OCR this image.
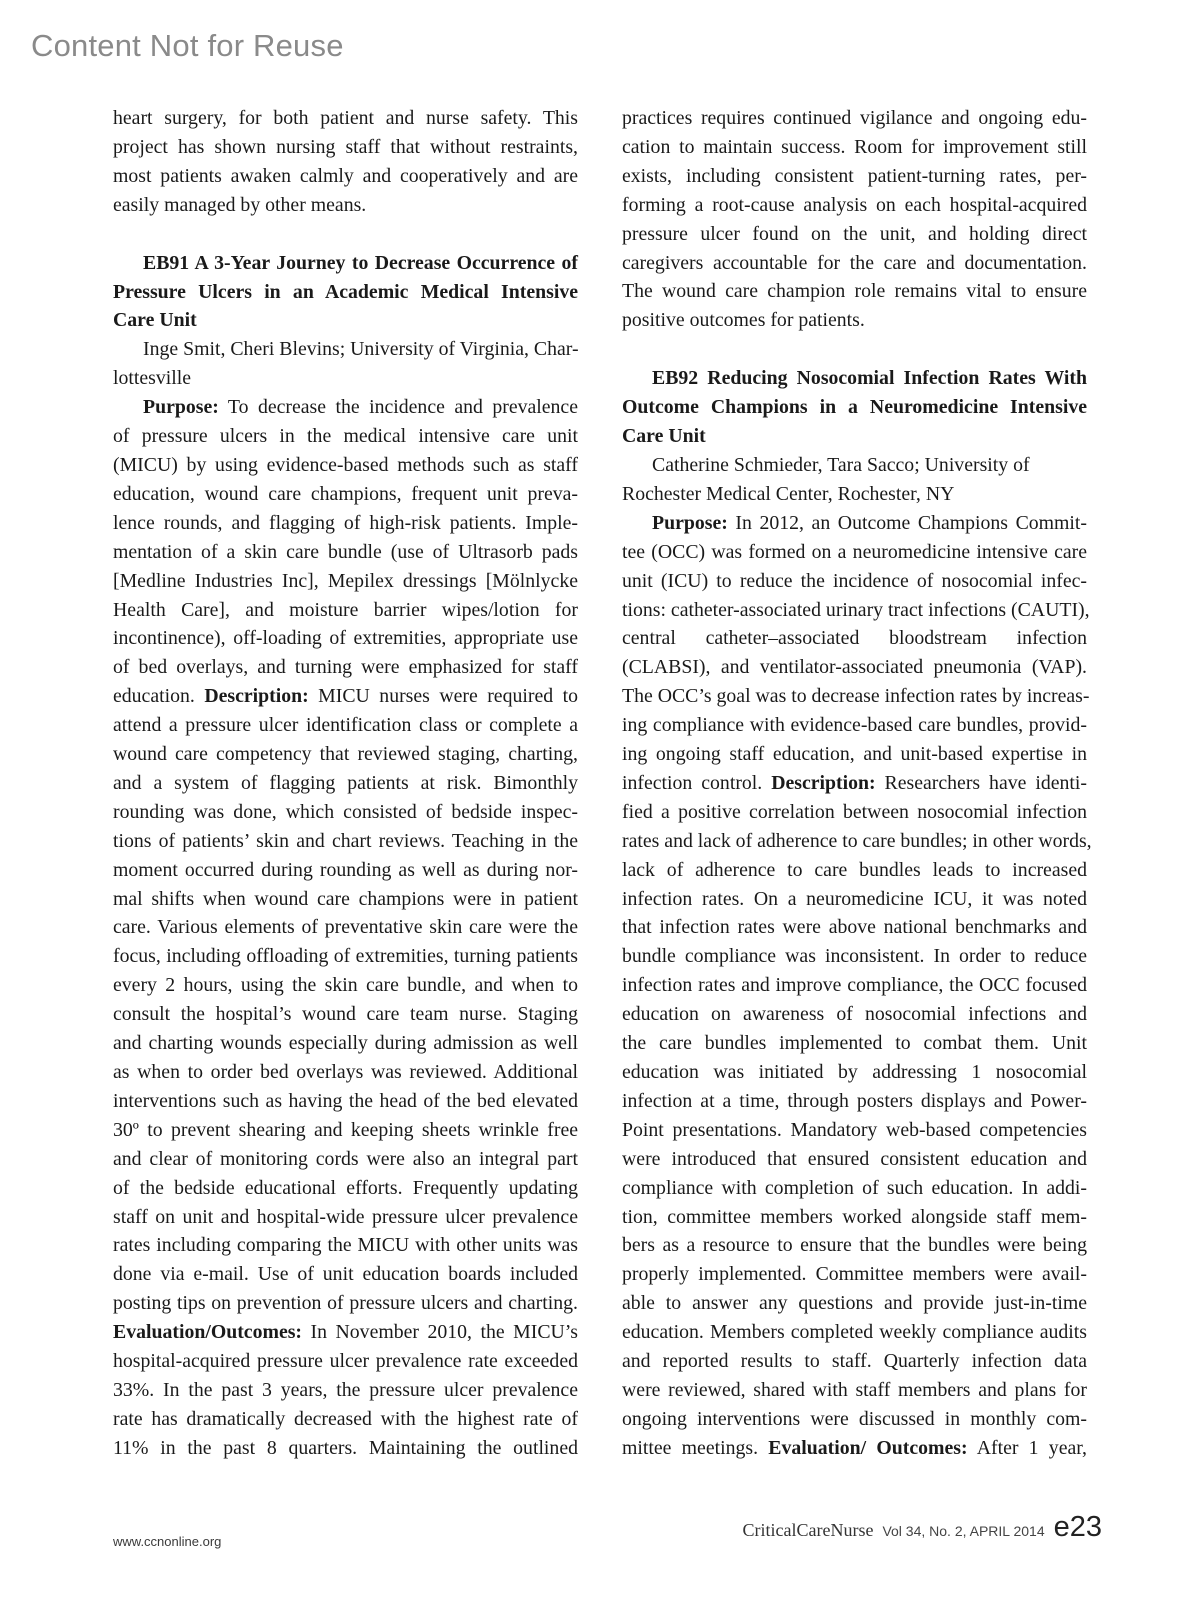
Content Not for Reuse

heart surgery, for both patient and nurse safety. This

project has shown nursing staff that without restraints,

most patients awaken calmly and cooperatively and are

easily managed by other means.

EB91 A 3-Year Journey to Decrease Occurrence of

Pressure Ulcers in an Academic Medical Intensive

Care Unit

Inge Smit, Cheri Blevins; University of Virginia, Char-

lottesville

Purpose: To decrease the incidence and prevalence

of pressure ulcers in the medical intensive care unit

(MICU) by using evidence-based methods such as staff

education, wound care champions, frequent unit preva-

lence rounds, and flagging of high-risk patients. Imple-

mentation of a skin care bundle (use of Ultrasorb pads

[Medline Industries Inc], Mepilex dressings [Mölnlycke

Health Care], and moisture barrier wipes/lotion for

incontinence), off-loading of extremities, appropriate use

of bed overlays, and turning were emphasized for staff

education. Description: MICU nurses were required to

attend a pressure ulcer identification class or complete a

wound care competency that reviewed staging, charting,

and a system of flagging patients at risk. Bimonthly

rounding was done, which consisted of bedside inspec-

tions of patients’ skin and chart reviews. Teaching in the

moment occurred during rounding as well as during nor-

mal shifts when wound care champions were in patient

care. Various elements of preventative skin care were the

focus, including offloading of extremities, turning patients

every 2 hours, using the skin care bundle, and when to

consult the hospital’s wound care team nurse. Staging

and charting wounds especially during admission as well

as when to order bed overlays was reviewed. Additional

interventions such as having the head of the bed elevated

30º to prevent shearing and keeping sheets wrinkle free

and clear of monitoring cords were also an integral part

of the bedside educational efforts. Frequently updating

staff on unit and hospital-wide pressure ulcer prevalence

rates including comparing the MICU with other units was

done via e-mail. Use of unit education boards included

posting tips on prevention of pressure ulcers and charting.

Evaluation/Outcomes: In November 2010, the MICU’s

hospital-acquired pressure ulcer prevalence rate exceeded

33%. In the past 3 years, the pressure ulcer prevalence

rate has dramatically decreased with the highest rate of

11% in the past 8 quarters. Maintaining the outlined

practices requires continued vigilance and ongoing edu-

cation to maintain success. Room for improvement still

exists, including consistent patient-turning rates, per-

forming a root-cause analysis on each hospital-acquired

pressure ulcer found on the unit, and holding direct

caregivers accountable for the care and documentation.

The wound care champion role remains vital to ensure

positive outcomes for patients.

EB92 Reducing Nosocomial Infection Rates With

Outcome Champions in a Neuromedicine Intensive

Care Unit

Catherine Schmieder, Tara Sacco; University of

Rochester Medical Center, Rochester, NY

Purpose: In 2012, an Outcome Champions Commit-

tee (OCC) was formed on a neuromedicine intensive care

unit (ICU) to reduce the incidence of nosocomial infec-

tions: catheter-associated urinary tract infections (CAUTI),

central catheter–associated bloodstream infection

(CLABSI), and ventilator-associated pneumonia (VAP).

The OCC’s goal was to decrease infection rates by increas-

ing compliance with evidence-based care bundles, provid-

ing ongoing staff education, and unit-based expertise in

infection control. Description: Researchers have identi-

fied a positive correlation between nosocomial infection

rates and lack of adherence to care bundles; in other words,

lack of adherence to care bundles leads to increased

infection rates. On a neuromedicine ICU, it was noted

that infection rates were above national benchmarks and

bundle compliance was inconsistent. In order to reduce

infection rates and improve compliance, the OCC focused

education on awareness of nosocomial infections and

the care bundles implemented to combat them. Unit

education was initiated by addressing 1 nosocomial

infection at a time, through posters displays and Power-

Point presentations. Mandatory web-based competencies

were introduced that ensured consistent education and

compliance with completion of such education. In addi-

tion, committee members worked alongside staff mem-

bers as a resource to ensure that the bundles were being

properly implemented. Committee members were avail-

able to answer any questions and provide just-in-time

education. Members completed weekly compliance audits

and reported results to staff. Quarterly infection data

were reviewed, shared with staff members and plans for

ongoing interventions were discussed in monthly com-

mittee meetings. Evaluation/ Outcomes: After 1 year,

www.ccnonline.org
CriticalCareNurse Vol 34, No. 2, APRIL 2014 e23
